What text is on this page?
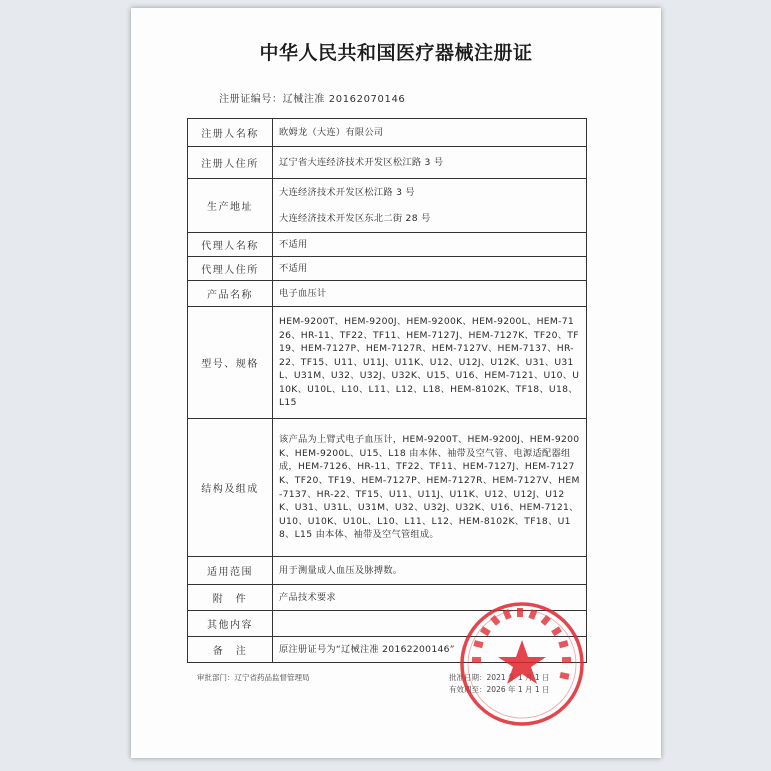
中华人民共和国医疗器械注册证
注册证编号：辽械注准 20162070146
注册人名称	欧姆龙（大连）有限公司
注册人住所	辽宁省大连经济技术开发区松江路 3 号
生产地址	大连经济技术开发区松江路 3 号
大连经济技术开发区东北二街 28 号

代理人名称	不适用
代理人住所	不适用
产品名称	电子血压计
型号、规格	HEM-9200T、HEM-9200J、HEM-9200K、HEM-9200L、HEM-7126、HR-11、TF22、TF11、HEM-7127J、HEM-7127K、TF20、TF19、HEM-7127P、HEM-7127R、HEM-7127V、HEM-7137、HR-22、TF15、U11、U11J、U11K、U12、U12J、U12K、U31、U31L、U31M、U32、U32J、U32K、U15、U16、HEM-7121、U10、U10K、U10L、L10、L11、L12、L18、HEM-8102K、TF18、U18、L15
结构及组成	该产品为上臂式电子血压计，HEM-9200T、HEM-9200J、HEM-9200K、HEM-9200L、U15、L18 由本体、袖带及空气管、电源适配器组成，HEM-7126、HR-11、TF22、TF11、HEM-7127J、HEM-7127K、TF20、TF19、HEM-7127P、HEM-7127R、HEM-7127V、HEM-7137、HR-22、TF15、U11、U11J、U11K、U12、U12J、U12K、U31、U31L、U31M、U32、U32J、U32K、U16、HEM-7121、U10、U10K、U10L、L10、L11、L12、HEM-8102K、TF18、U18、L15 由本体、袖带及空气管组成。
适用范围	用于测量成人血压及脉搏数。
附　件	产品技术要求
其他内容	
备　注	原注册证号为“辽械注准 20162200146”
审批部门：辽宁省药品监督管理局	批准日期：2021 年 1 月 1 日
有效期至：2026 年 1 月 1 日
